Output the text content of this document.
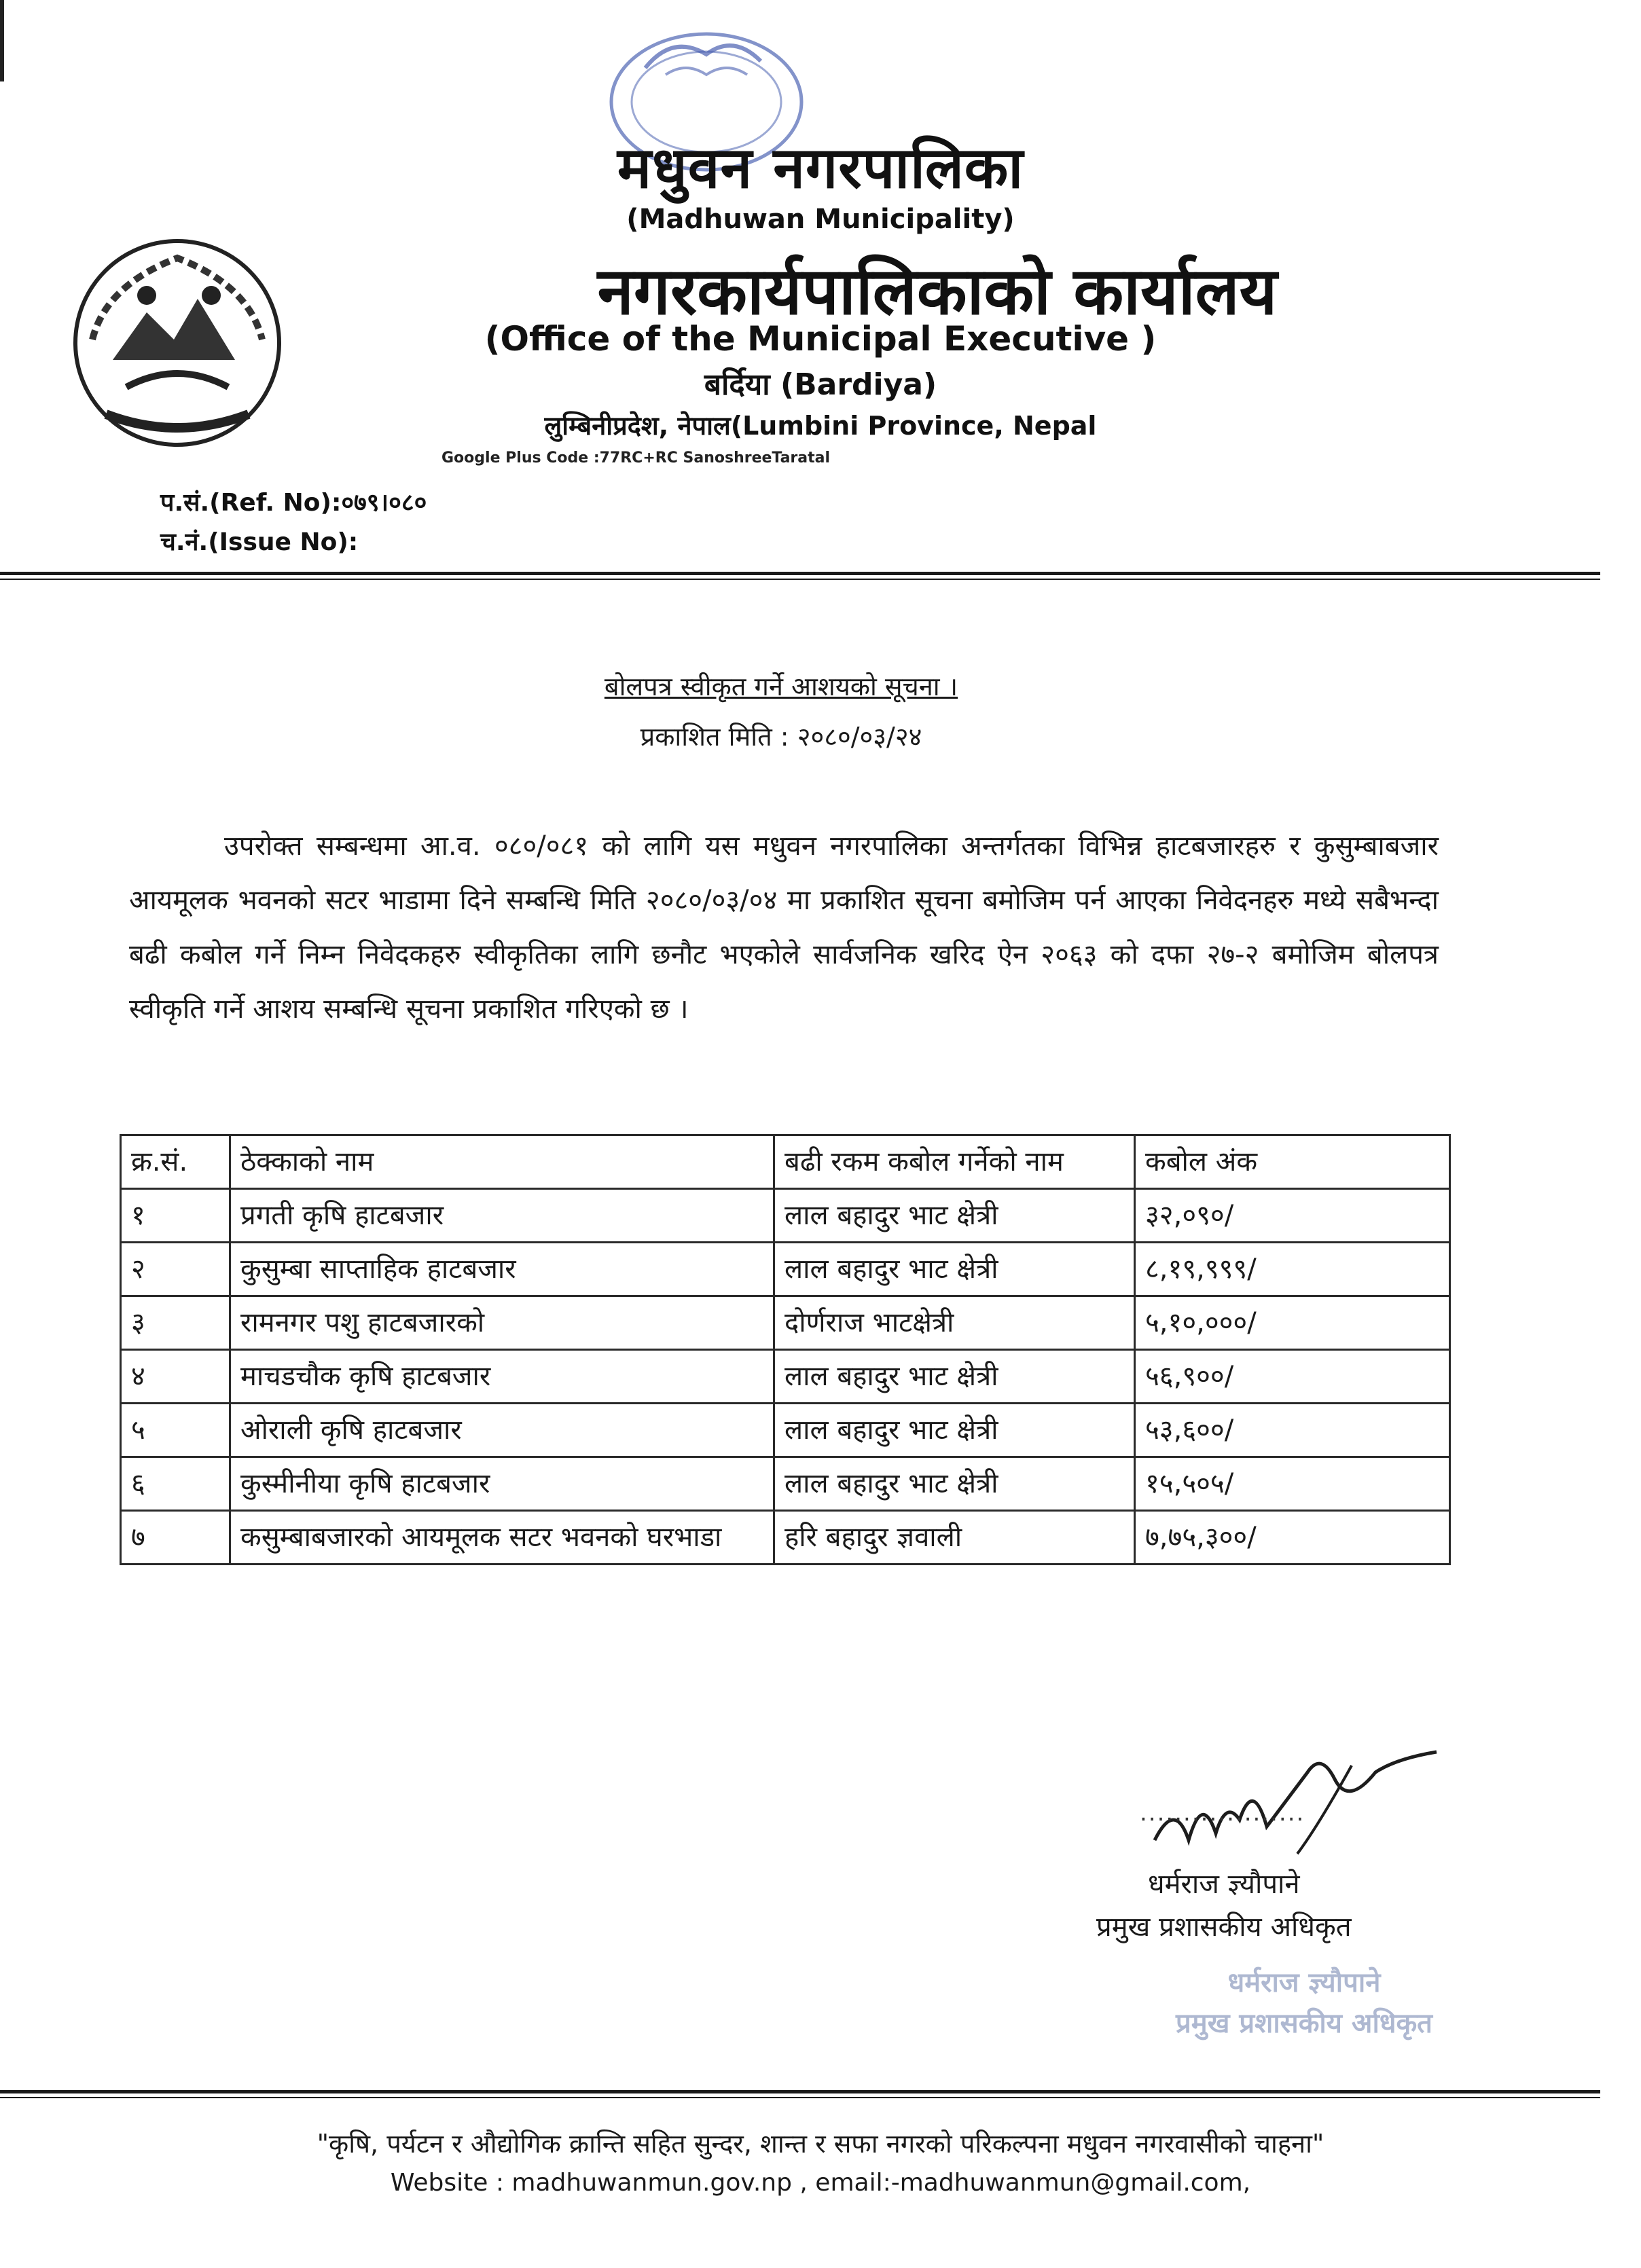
मधुवन नगरपालिका
(Madhuwan Municipality)
नगरकार्यपालिकाको कार्यालय
(Office of the Municipal Executive )
बर्दिया (Bardiya)
लुम्बिनीप्रदेश, नेपाल(Lumbini Province, Nepal
Google Plus Code :77RC+RC SanoshreeTaratal
प.सं.(Ref. No):०७९।०८०
च.नं.(Issue No):
बोलपत्र स्वीकृत गर्ने आशयको सूचना ।
प्रकाशित मिति : २०८०/०३/२४
उपरोक्त सम्बन्धमा आ.व. ०८०/०८१ को लागि यस मधुवन नगरपालिका अन्तर्गतका विभिन्न हाटबजारहरु र कुसुम्बाबजार आयमूलक भवनको सटर भाडामा दिने सम्बन्धि मिति २०८०/०३/०४ मा प्रकाशित सूचना बमोजिम पर्न आएका निवेदनहरु मध्ये सबैभन्दा बढी कबोल गर्ने निम्न निवेदकहरु स्वीकृतिका लागि छनौट भएकोले सार्वजनिक खरिद ऐन २०६३ को दफा २७-२ बमोजिम बोलपत्र स्वीकृति गर्ने आशय सम्बन्धि सूचना प्रकाशित गरिएको छ ।
क्र.सं.	ठेक्काको नाम	बढी रकम कबोल गर्नेको नाम	कबोल अंक
१	प्रगती कृषि हाटबजार	लाल बहादुर भाट क्षेत्री	३२,०९०/
२	कुसुम्बा साप्ताहिक हाटबजार	लाल बहादुर भाट क्षेत्री	८,१९,९९९/
३	रामनगर पशु हाटबजारको	दोर्णराज भाटक्षेत्री	५,१०,०००/
४	माचडचौक कृषि हाटबजार	लाल बहादुर भाट क्षेत्री	५६,९००/
५	ओराली कृषि हाटबजार	लाल बहादुर भाट क्षेत्री	५३,६००/
६	कुस्मीनीया कृषि हाटबजार	लाल बहादुर भाट क्षेत्री	१५,५०५/
७	कसुम्बाबजारको आयमूलक सटर भवनको घरभाडा	हरि बहादुर ज्ञवाली	७,७५,३००/
...................
धर्मराज ज्ञ्यौपाने
प्रमुख प्रशासकीय अधिकृत
धर्मराज ज्ञ्यौपाने
प्रमुख प्रशासकीय अधिकृत
"कृषि, पर्यटन र औद्योगिक क्रान्ति सहित सुन्दर, शान्त र सफा नगरको परिकल्पना मधुवन नगरवासीको चाहना"
Website : madhuwanmun.gov.np , email:-madhuwanmun@gmail.com,
